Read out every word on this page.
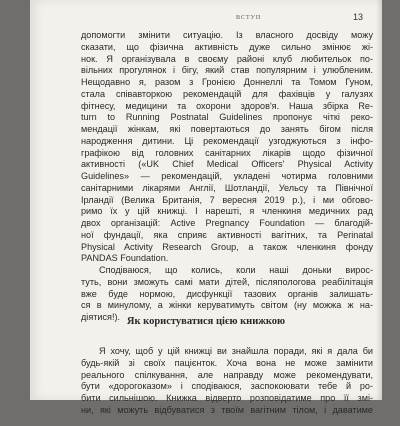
ВСТУП	13

допомогти змінити ситуацію. Із власного досвіду можу
сказати, що фізична активність дуже сильно змінює жі-
нок. Я організувала в своєму районі клуб любительок по-
вільних прогулянок і бігу, який став популярним і улюбленим.
Нещодавно я, разом з Гронією Доннеллі та Томом Гуном,
стала співавторкою рекомендацій для фахівців у галузях
фітнесу, медицини та охорони здоров'я. Наша збірка Re-
turn to Running Postnatal Guidelines пропонує чіткі реко-
мендації жінкам, які повертаються до занять бігом після
народження дитини. Ці рекомендації узгоджуються з інфо-
графікою від головних санітарних лікарів щодо фізичної
активності («UK Chief Medical Officers' Physical Activity
Guidelines» — рекомендацій, укладені чотирма головними
санітарними лікарями Англії, Шотландії, Уельсу та Північної
Ірландії (Велика Британія, 7 вересня 2019 р.), і ми обгово-
римо їх у цій книжці. І нарешті, я членкиня медичних рад
двох організацій: Active Pregnancy Foundation — благодій-
ної фундації, яка сприяє активності вагітних, та Perinatal
Physical Activity Research Group, а також членкиня фонду
PANDAS Foundation.

Сподіваюся, що колись, коли наші доньки вирос-
туть, вони зможуть самі мати дітей, післяпологова реабілітація
вже буде нормою, дисфункції тазових органів залишать-
ся в минулому, а жінки керуватимуть світом (ну можжа ж на-
діятися!). Як користуватися цією книжкою

Я хочу, щоб у цій книжці ви знайшла поради, які я дала би
будь-якій зі своїх пацієнток. Хоча вона не може замінити
реального спілкування, але направду може рекомендувати,
бути «дорогоказом» і сподіваюся, заспокоювати тебе й ро-
бити сильнішою. Книжка відверто розповідатиме про її змі-
ни, які можуть відбуватися з твоїм вагітним тілом, і даватиме
